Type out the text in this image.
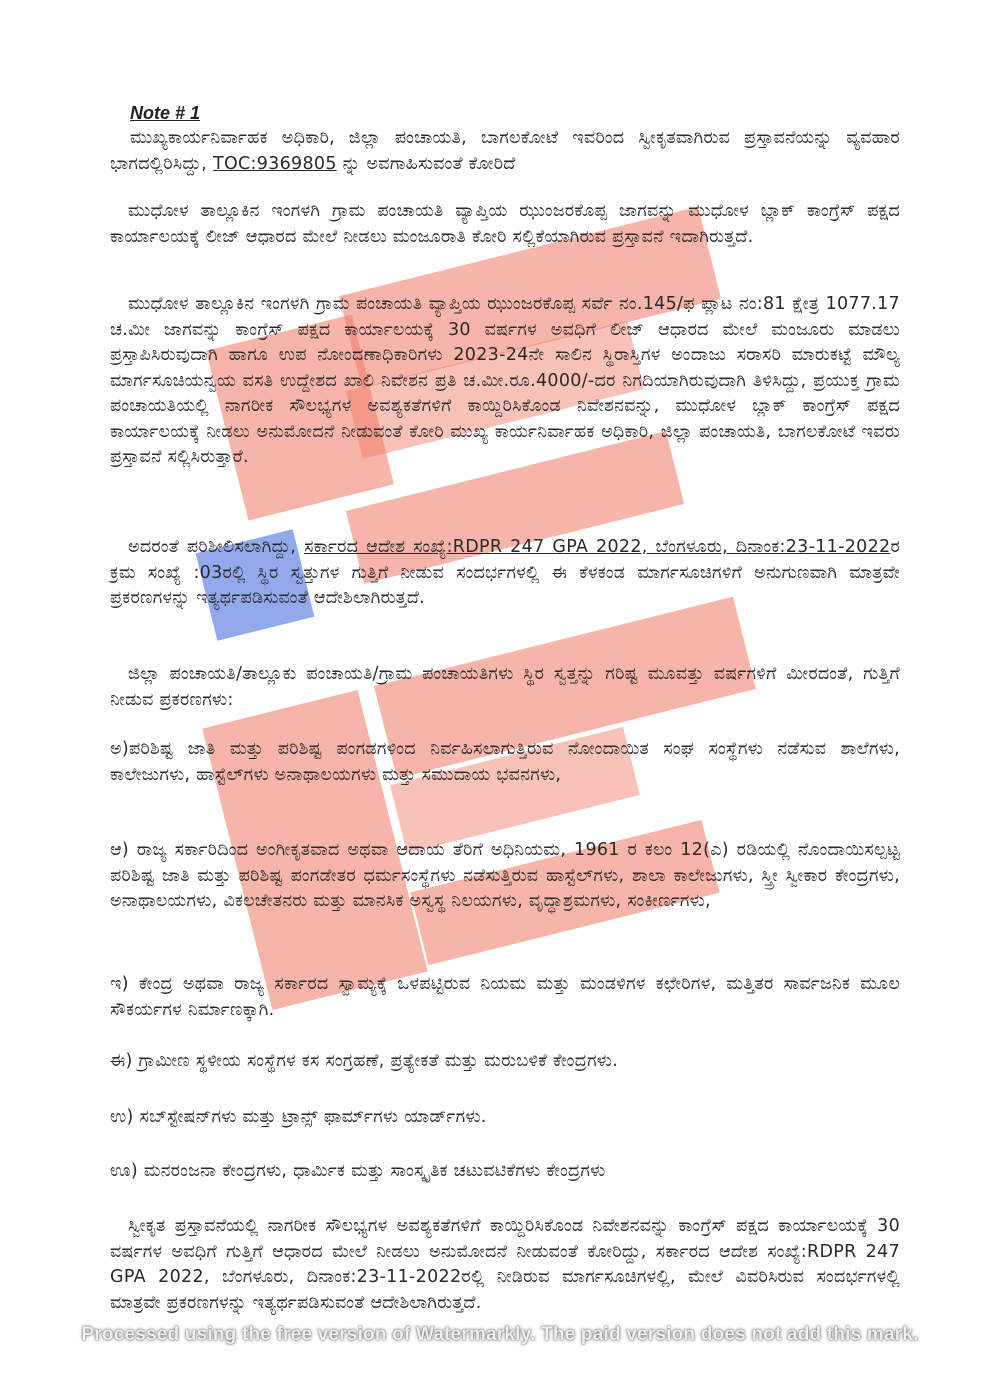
Note # 1

ಮುಖ್ಯಕಾರ್ಯನಿರ್ವಾಹಕ ಅಧಿಕಾರಿ, ಜಿಲ್ಲಾ ಪಂಚಾಯತಿ, ಬಾಗಲಕೋಟೆ ಇವರಿಂದ ಸ್ವೀಕೃತವಾಗಿರುವ ಪ್ರಸ್ತಾವನೆಯನ್ನು ವ್ಯವಹಾರ ಭಾಗದಲ್ಲಿರಿಸಿದ್ದು, TOC:9369805 ನ್ನು ಅವಗಾಹಿಸುವಂತೆ ಕೋರಿದೆ

ಮುಧೋಳ ತಾಲ್ಲೂಕಿನ ಇಂಗಳಗಿ ಗ್ರಾಮ ಪಂಚಾಯತಿ ವ್ಯಾಪ್ತಿಯ ಝುಂಜರಕೊಪ್ಪ ಜಾಗವನ್ನು ಮುಧೋಳ ಬ್ಲಾಕ್ ಕಾಂಗ್ರೆಸ್ ಪಕ್ಷದ ಕಾರ್ಯಾಲಯಕ್ಕೆ ಲೀಜ್ ಆಧಾರದ ಮೇಲೆ ನೀಡಲು ಮಂಜೂರಾತಿ ಕೋರಿ ಸಲ್ಲಿಕೆಯಾಗಿರುವ ಪ್ರಸ್ತಾವನೆ ಇದಾಗಿರುತ್ತದೆ.

ಮುಧೋಳ ತಾಲ್ಲೂಕಿನ ಇಂಗಳಗಿ ಗ್ರಾಮ ಪಂಚಾಯತಿ ವ್ಯಾಪ್ತಿಯ ಝುಂಜರಕೊಪ್ಪ ಸರ್ವೆ ನಂ.145/ಫ ಪ್ಲಾಟ ನಂ:81 ಕ್ಷೇತ್ರ 1077.17 ಚ.ಮೀ ಜಾಗವನ್ನು ಕಾಂಗ್ರೆಸ್ ಪಕ್ಷದ ಕಾರ್ಯಾಲಯಕ್ಕೆ 30 ವರ್ಷಗಳ ಅವಧಿಗೆ ಲೀಜ್ ಆಧಾರದ ಮೇಲೆ ಮಂಜೂರು ಮಾಡಲು ಪ್ರಸ್ತಾಪಿಸಿರುವುದಾಗಿ ಹಾಗೂ ಉಪ ನೋಂದಣಾಧಿಕಾರಿಗಳು 2023-24ನೇ ಸಾಲಿನ ಸ್ಥಿರಾಸ್ತಿಗಳ ಅಂದಾಜು ಸರಾಸರಿ ಮಾರುಕಟ್ಟೆ ಮೌಲ್ಯ ಮಾರ್ಗಸೂಚಿಯನ್ವಯ ವಸತಿ ಉದ್ದೇಶದ ಖಾಲಿ ನಿವೇಶನ ಪ್ರತಿ ಚ.ಮೀ.ರೂ.4000/-ದರ ನಿಗದಿಯಾಗಿರುವುದಾಗಿ ತಿಳಿಸಿದ್ದು, ಪ್ರಯುಕ್ತ ಗ್ರಾಮ ಪಂಚಾಯತಿಯಲ್ಲಿ ನಾಗರೀಕ ಸೌಲಭ್ಯಗಳ ಅವಶ್ಯಕತೆಗಳಿಗೆ ಕಾಯ್ದಿರಿಸಿಕೊಂಡ ನಿವೇಶನವನ್ನು, ಮುಧೋಳ ಬ್ಲಾಕ್ ಕಾಂಗ್ರೆಸ್ ಪಕ್ಷದ ಕಾರ್ಯಾಲಯಕ್ಕೆ ನೀಡಲು ಅನುಮೋದನೆ ನೀಡುವಂತೆ ಕೋರಿ ಮುಖ್ಯ ಕಾರ್ಯನಿರ್ವಾಹಕ ಅಧಿಕಾರಿ, ಜಿಲ್ಲಾ ಪಂಚಾಯತಿ, ಬಾಗಲಕೋಟೆ ಇವರು ಪ್ರಸ್ತಾವನೆ ಸಲ್ಲಿಸಿರುತ್ತಾರೆ.

ಅದರಂತೆ ಪರಿಶೀಲಿಸಲಾಗಿದ್ದು, ಸರ್ಕಾರದ ಆದೇಶ ಸಂಖ್ಯೆ:RDPR 247 GPA 2022, ಬೆಂಗಳೂರು, ದಿನಾಂಕ:23-11-2022ರ ಕ್ರಮ ಸಂಖ್ಯೆ :03ರಲ್ಲಿ ಸ್ಥಿರ ಸ್ವತ್ತುಗಳ ಗುತ್ತಿಗೆ ನೀಡುವ ಸಂದರ್ಭಗಳಲ್ಲಿ ಈ ಕೆಳಕಂಡ ಮಾರ್ಗಸೂಚಿಗಳಿಗೆ ಅನುಗುಣವಾಗಿ ಮಾತ್ರವೇ ಪ್ರಕರಣಗಳನ್ನು ಇತ್ಯರ್ಥಪಡಿಸುವಂತೆ ಆದೇಶಿಲಾಗಿರುತ್ತದೆ.

ಜಿಲ್ಲಾ ಪಂಚಾಯತಿ/ತಾಲ್ಲೂಕು ಪಂಚಾಯತಿ/ಗ್ರಾಮ ಪಂಚಾಯತಿಗಳು ಸ್ಥಿರ ಸ್ವತ್ತನ್ನು ಗರಿಷ್ಟ ಮೂವತ್ತು ವರ್ಷಗಳಿಗೆ ಮೀರದಂತೆ, ಗುತ್ತಿಗೆ ನೀಡುವ ಪ್ರಕರಣಗಳು:

ಅ)ಪರಿಶಿಷ್ಟ ಜಾತಿ ಮತ್ತು ಪರಿಶಿಷ್ಟ ಪಂಗಡಗಳಿಂದ ನಿರ್ವಹಿಸಲಾಗುತ್ತಿರುವ ನೋಂದಾಯಿತ ಸಂಘ ಸಂಸ್ಥೆಗಳು ನಡೆಸುವ ಶಾಲೆಗಳು, ಕಾಲೇಜುಗಳು, ಹಾಸ್ಟೆಲ್‌ಗಳು ಅನಾಥಾಲಯಗಳು ಮತ್ತು ಸಮುದಾಯ ಭವನಗಳು,

ಆ) ರಾಜ್ಯ ಸರ್ಕಾರಿದಿಂದ ಅಂಗೀಕೃತವಾದ ಅಥವಾ ಆದಾಯ ತೆರಿಗೆ ಅಧಿನಿಯಮ, 1961 ರ ಕಲಂ 12(ಎ) ರಡಿಯಲ್ಲಿ ನೊಂದಾಯಿಸಲ್ಪಟ್ಟ ಪರಿಶಿಷ್ಟ ಜಾತಿ ಮತ್ತು ಪರಿಶಿಷ್ಟ ಪಂಗಡೇತರ ಧರ್ಮಸಂಸ್ಥೆಗಳು ನಡೆಸುತ್ತಿರುವ ಹಾಸ್ಟೆಲ್‌ಗಳು, ಶಾಲಾ ಕಾಲೇಜುಗಳು, ಸ್ತ್ರೀ ಸ್ವೀಕಾರ ಕೇಂದ್ರಗಳು, ಅನಾಥಾಲಯಗಳು, ವಿಕಲಚೇತನರು ಮತ್ತು ಮಾನಸಿಕ ಅಸ್ವಸ್ಥ ನಿಲಯಗಳು, ವೃದ್ಧಾಶ್ರಮಗಳು, ಸಂಕೀರ್ಣಗಳು,

ಇ) ಕೇಂದ್ರ ಅಥವಾ ರಾಜ್ಯ ಸರ್ಕಾರದ ಸ್ವಾಮ್ಯಕ್ಕೆ ಒಳಪಟ್ಟಿರುವ ನಿಯಮ ಮತ್ತು ಮಂಡಳಿಗಳ ಕಛೇರಿಗಳ, ಮತ್ತಿತರ ಸಾರ್ವಜನಿಕ ಮೂಲ ಸೌಕರ್ಯಗಳ ನಿರ್ಮಾಣಕ್ಕಾಗಿ.

ಈ) ಗ್ರಾಮೀಣ ಸ್ಥಳೀಯ ಸಂಸ್ಥೆಗಳ ಕಸ ಸಂಗ್ರಹಣೆ, ಪ್ರತ್ಯೇಕತೆ ಮತ್ತು ಮರುಬಳಿಕೆ ಕೇಂದ್ರಗಳು.

ಉ) ಸಬ್‌ಸ್ಟೇಷನ್‌ಗಳು ಮತ್ತು ಟ್ರಾನ್ಸ್ ಫಾರ್ಮ್‌ಗಳು ಯಾರ್ಡ್‌ಗಳು.

ಊ) ಮನರಂಜನಾ ಕೇಂದ್ರಗಳು, ಧಾರ್ಮಿಕ ಮತ್ತು ಸಾಂಸ್ಕೃತಿಕ ಚಟುವಟಿಕೆಗಳು ಕೇಂದ್ರಗಳು

ಸ್ವೀಕೃತ ಪ್ರಸ್ತಾವನೆಯಲ್ಲಿ ನಾಗರೀಕ ಸೌಲಭ್ಯಗಳ ಅವಶ್ಯಕತೆಗಳಿಗೆ ಕಾಯ್ದಿರಿಸಿಕೊಂಡ ನಿವೇಶನವನ್ನು ಕಾಂಗ್ರೆಸ್ ಪಕ್ಷದ ಕಾರ್ಯಾಲಯಕ್ಕೆ 30 ವರ್ಷಗಳ ಅವಧಿಗೆ ಗುತ್ತಿಗೆ ಆಧಾರದ ಮೇಲೆ ನೀಡಲು ಅನುಮೋದನೆ ನೀಡುವಂತೆ ಕೋರಿದ್ದು, ಸರ್ಕಾರದ ಆದೇಶ ಸಂಖ್ಯೆ:RDPR 247 GPA 2022, ಬೆಂಗಳೂರು, ದಿನಾಂಕ:23-11-2022ರಲ್ಲಿ ನೀಡಿರುವ ಮಾರ್ಗಸೂಚಿಗಳಲ್ಲಿ, ಮೇಲೆ ವಿವರಿಸಿರುವ ಸಂದರ್ಭಗಳಲ್ಲಿ ಮಾತ್ರವೇ ಪ್ರಕರಣಗಳನ್ನು ಇತ್ಯರ್ಥಪಡಿಸುವಂತೆ ಆದೇಶಿಲಾಗಿರುತ್ತದೆ.

Processed using the free version of Watermarkly. The paid version does not add this mark.
